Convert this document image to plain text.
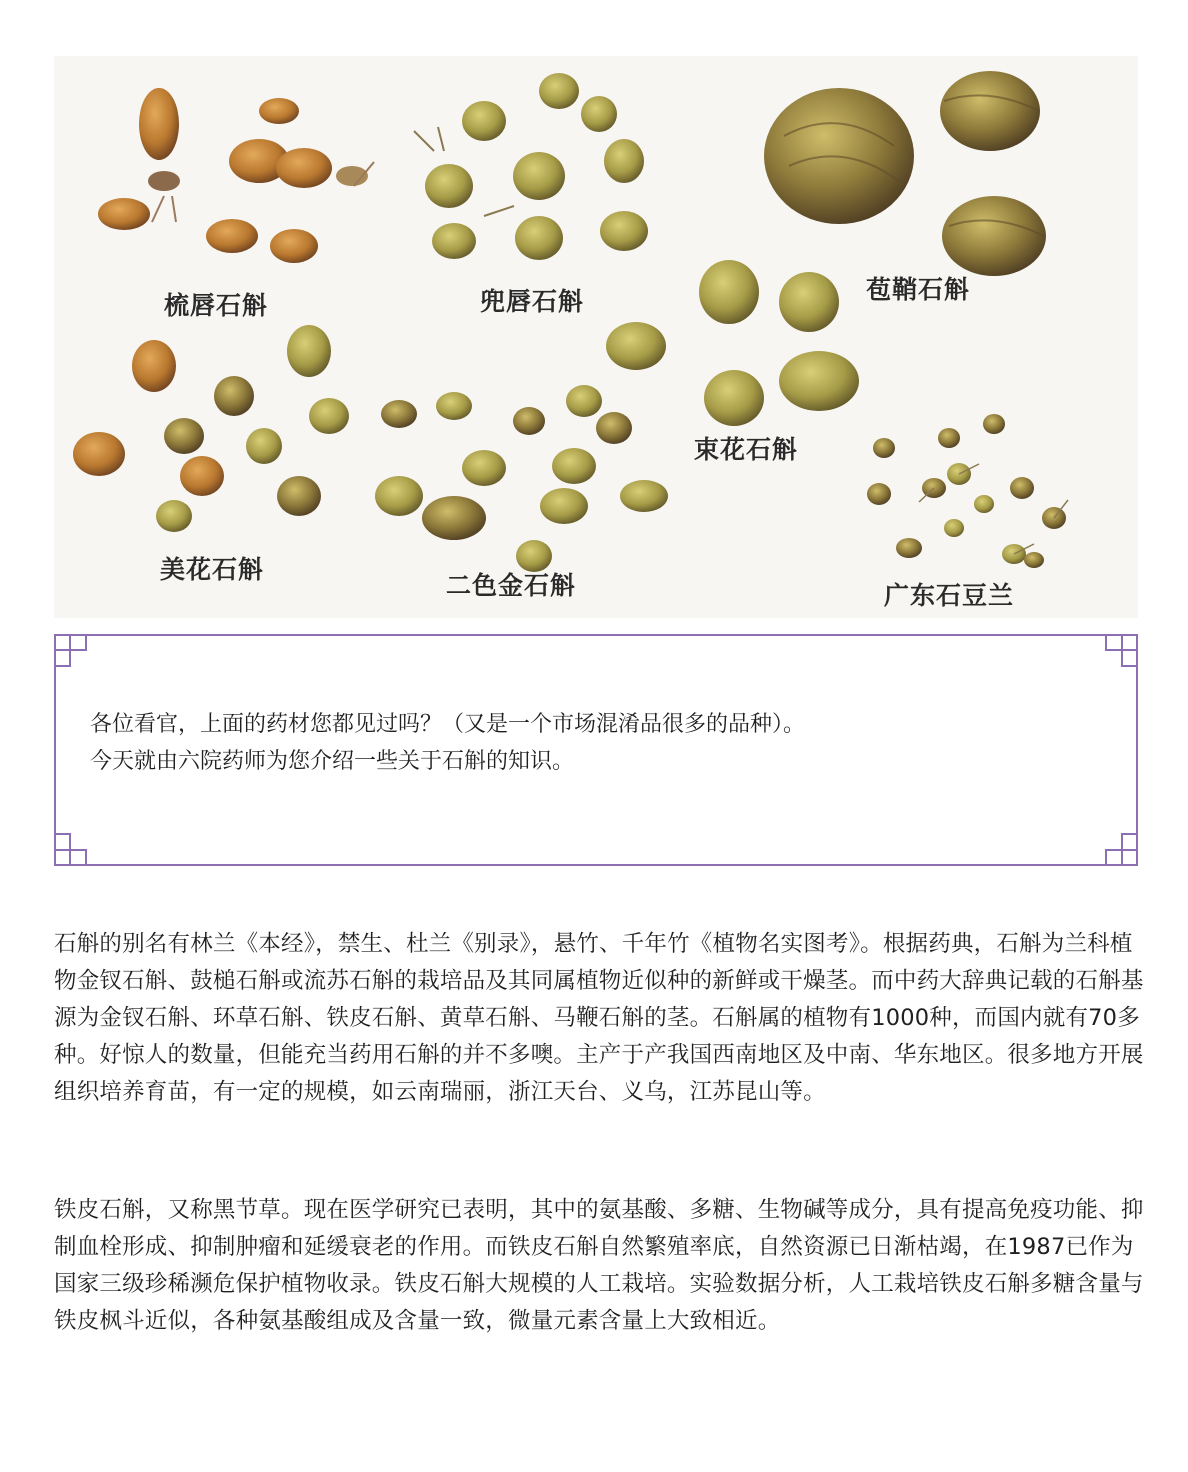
梳唇石斛	兜唇石斛	苞鞘石斛
束花石斛
美花石斛
二色金石斛	广东石豆兰

各位看官，上面的药材您都见过吗？（又是一个市场混淆品很多的品种）。

今天就由六院药师为您介绍一些关于石斛的知识。

石斛的别名有林兰《本经》，禁生、杜兰《别录》，悬竹、千年竹《植物名实图考》。根据药典，石斛为兰科植物金钗石斛、鼓槌石斛或流苏石斛的栽培品及其同属植物近似种的新鲜或干燥茎。而中药大辞典记载的石斛基源为金钗石斛、环草石斛、铁皮石斛、黄草石斛、马鞭石斛的茎。石斛属的植物有1000种，而国内就有70多种。好惊人的数量，但能充当药用石斛的并不多噢。主产于产我国西南地区及中南、华东地区。很多地方开展组织培养育苗，有一定的规模，如云南瑞丽，浙江天台、义乌，江苏昆山等。

铁皮石斛，又称黑节草。现在医学研究已表明，其中的氨基酸、多糖、生物碱等成分，具有提高免疫功能、抑制血栓形成、抑制肿瘤和延缓衰老的作用。而铁皮石斛自然繁殖率底，自然资源已日渐枯竭，在1987已作为国家三级珍稀濒危保护植物收录。铁皮石斛大规模的人工栽培。实验数据分析，人工栽培铁皮石斛多糖含量与铁皮枫斗近似，各种氨基酸组成及含量一致，微量元素含量上大致相近。
